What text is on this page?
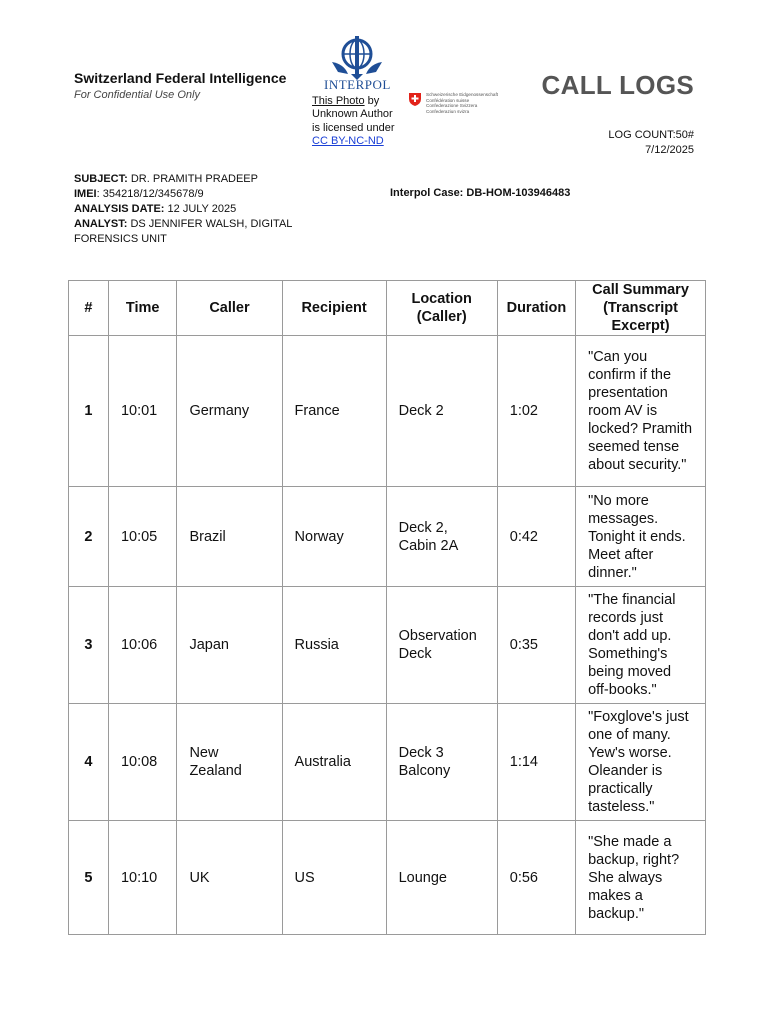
Switzerland Federal Intelligence
For Confidential Use Only
INTERPOL
This Photo by
Unknown Author
is licensed under
CC BY-NC-ND
Schweizerische Eidgenossenschaft
Confédération suisse
Confederazione Svizzera
Confederaziun svizra
CALL LOGS
LOG COUNT:50#
7/12/2025
SUBJECT: DR. PRAMITH PRADEEP
IMEI: 354218/12/345678/9
ANALYSIS DATE: 12 JULY 2025
ANALYST: DS JENNIFER WALSH, DIGITAL FORENSICS UNIT
Interpol Case: DB-HOM-103946483
#	Time	Caller	Recipient	Location (Caller)	Duration	Call Summary (Transcript Excerpt)
1	10:01	Germany	France	Deck 2	1:02	"Can you confirm if the presentation room AV is locked? Pramith seemed tense about security."
2	10:05	Brazil	Norway	Deck 2, Cabin 2A	0:42	"No more messages. Tonight it ends. Meet after dinner."
3	10:06	Japan	Russia	Observation Deck	0:35	"The financial records just don't add up. Something's being moved off-books."
4	10:08	New Zealand	Australia	Deck 3 Balcony	1:14	"Foxglove's just one of many. Yew's worse. Oleander is practically tasteless."
5	10:10	UK	US	Lounge	0:56	"She made a backup, right? She always makes a backup."
